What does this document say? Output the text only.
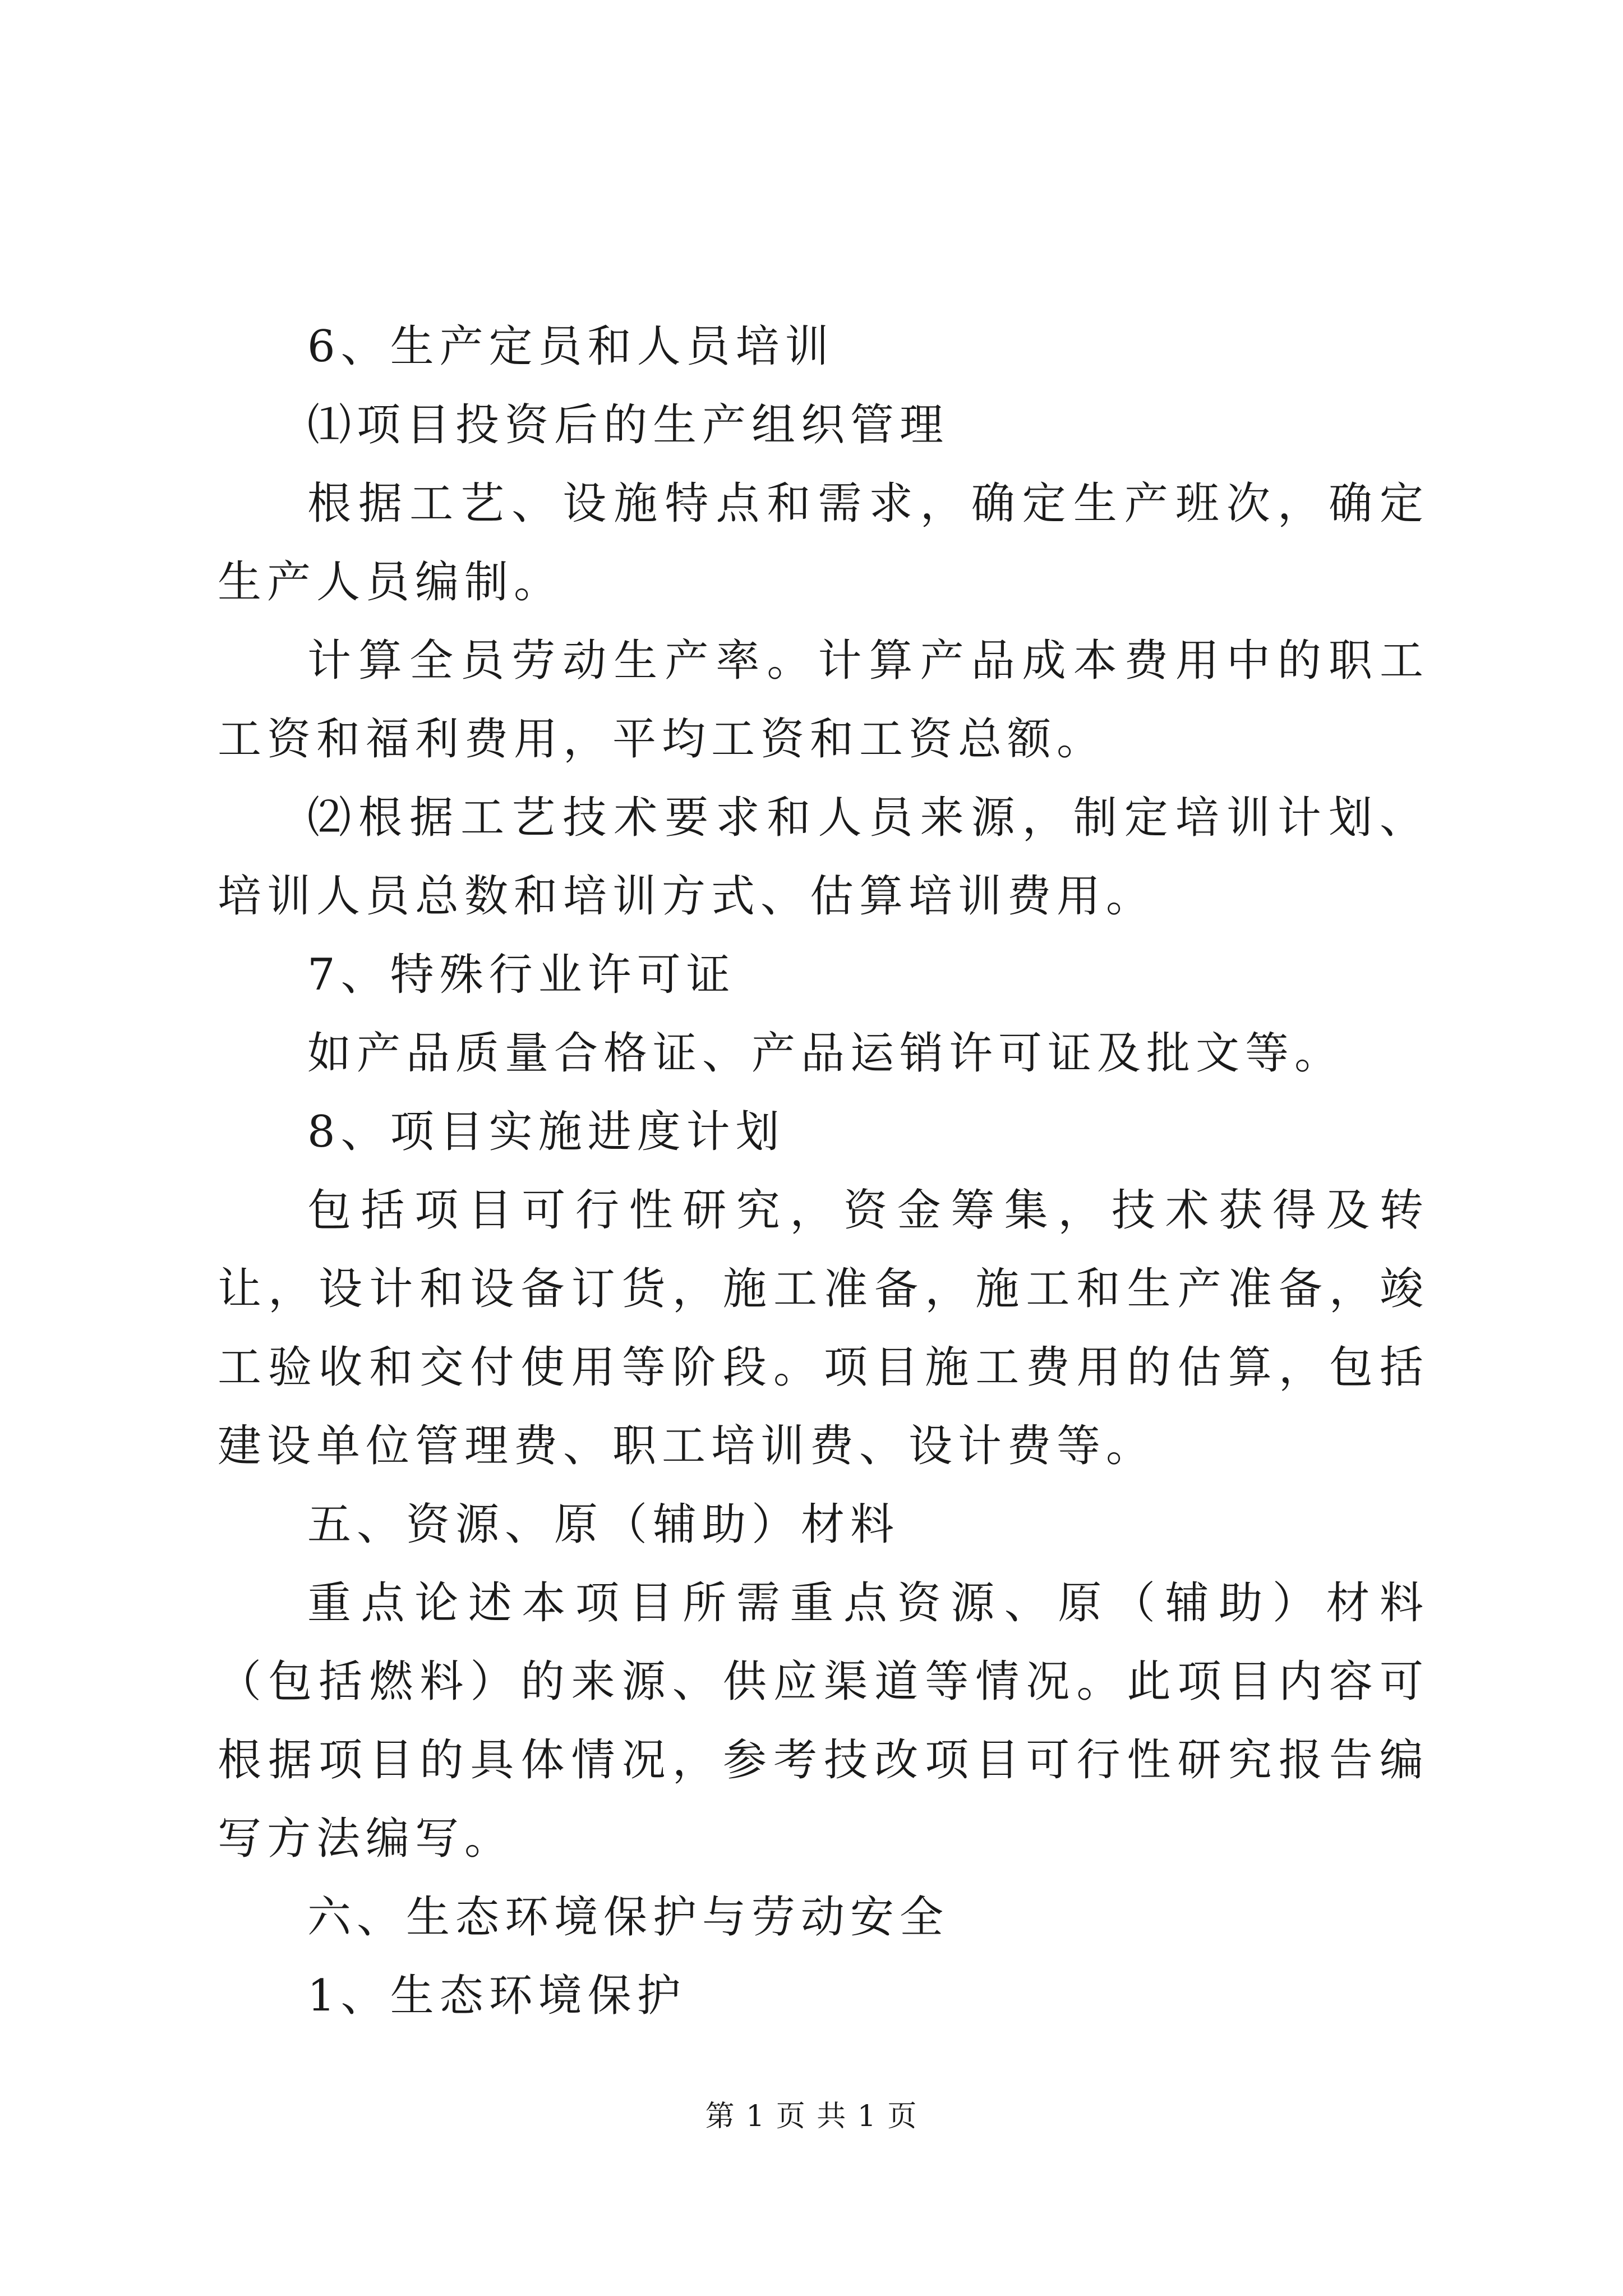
6、生产定员和人员培训

⑴项目投资后的生产组织管理

根据工艺、设施特点和需求，确定生产班次，确定生产人员编制。

计算全员劳动生产率。计算产品成本费用中的职工工资和福利费用，平均工资和工资总额。

⑵根据工艺技术要求和人员来源，制定培训计划、培训人员总数和培训方式、估算培训费用。

7、特殊行业许可证

如产品质量合格证、产品运销许可证及批文等。

8、项目实施进度计划

包括项目可行性研究，资金筹集，技术获得及转让，设计和设备订货，施工准备，施工和生产准备，竣工验收和交付使用等阶段。项目施工费用的估算，包括建设单位管理费、职工培训费、设计费等。

五、资源、原（辅助）材料

重点论述本项目所需重点资源、原（辅助）材料（包括燃料）的来源、供应渠道等情况。此项目内容可根据项目的具体情况，参考技改项目可行性研究报告编写方法编写。

六、生态环境保护与劳动安全

1、生态环境保护

第 1 页 共 1 页
